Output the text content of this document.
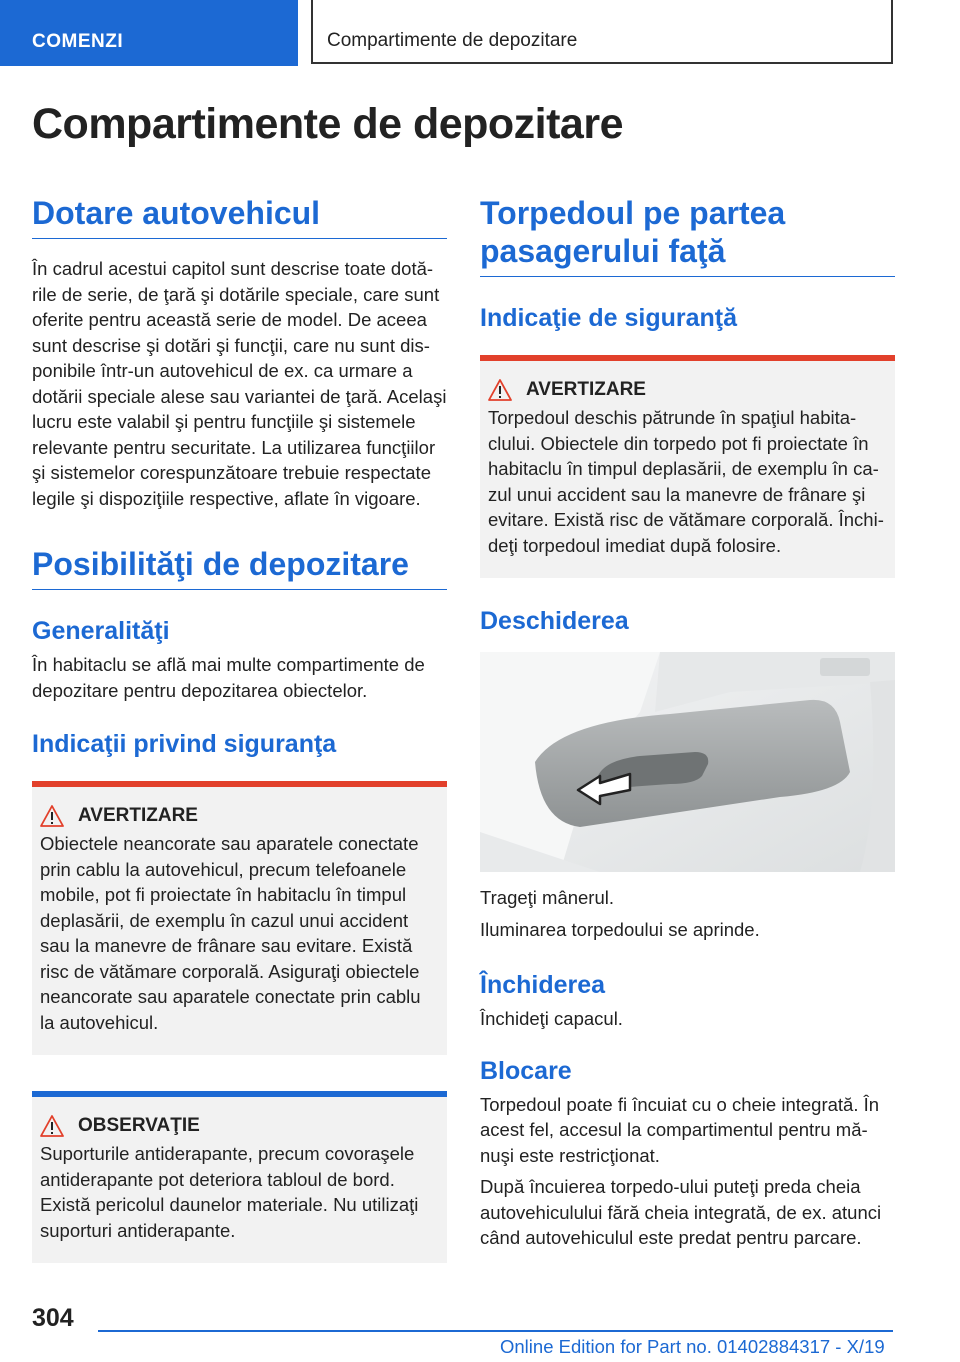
COMENZI	Compartimente de depozitare
Compartimente de depozitare
Dotare autovehicul

În cadrul acestui capitol sunt descrise toate dotările de serie, de ţară şi dotările speciale, care sunt oferite pentru această serie de model. De aceea sunt descrise şi dotări şi funcţii, care nu sunt disponibile într-un autovehicul de ex. ca urmare a dotării speciale alese sau variantei de ţară. Acelaşi lucru este valabil şi pentru funcţiile şi sistemele relevante pentru securitate. La utilizarea funcţiilor şi sistemelor corespunzătoare trebuie respectate legile şi dispoziţiile respective, aflate în vigoare.

Posibilităţi de depozitare
Generalităţi

În habitaclu se află mai multe compartimente de depozitare pentru depozitarea obiectelor.

Indicaţii privind siguranţa
AVERTIZARE

Obiectele neancorate sau aparatele conectate prin cablu la autovehicul, precum telefoanele mobile, pot fi proiectate în habitaclu în timpul deplasării, de exemplu în cazul unui accident sau la manevre de frânare sau evitare. Există risc de vătămare corporală. Asiguraţi obiectele neancorate sau aparatele conectate prin cablu la autovehicul.

OBSERVAŢIE

Suporturile antiderapante, precum covoraşele antiderapante pot deteriora tabloul de bord. Există pericolul daunelor materiale. Nu utilizaţi suporturi antiderapante.

Torpedoul pe partea pasagerului faţă
Indicaţie de siguranţă
AVERTIZARE

Torpedoul deschis pătrunde în spaţiul habitaclului. Obiectele din torpedo pot fi proiectate în habitaclu în timpul deplasării, de exemplu în cazul unui accident sau la manevre de frânare şi evitare. Există risc de vătămare corporală. Închideţi torpedoul imediat după folosire.

Deschiderea

Trageţi mânerul.

Iluminarea torpedoului se aprinde.

Închiderea

Închideţi capacul.

Blocare

Torpedoul poate fi încuiat cu o cheie integrată. În acest fel, accesul la compartimentul pentru mănuşi este restricţionat.

După încuierea torpedo-ului puteţi preda cheia autovehiculului fără cheia integrată, de ex. atunci când autovehiculul este predat pentru parcare.

304
Online Edition for Part no. 01402884317 - X/19
